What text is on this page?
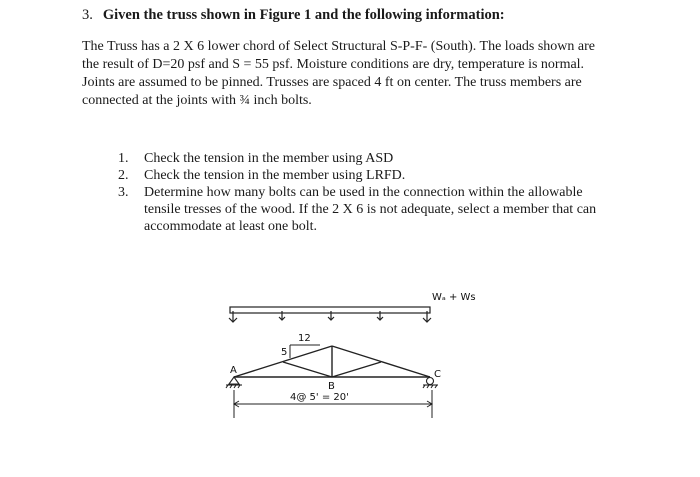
3. Given the truss shown in Figure 1 and the following information:
The Truss has a 2 X 6 lower chord of Select Structural S-P-F- (South). The loads shown are
the result of D=20 psf and S = 55 psf. Moisture conditions are dry, temperature is normal.
Joints are assumed to be pinned. Trusses are spaced 4 ft on center. The truss members are
connected at the joints with ¾ inch bolts.
1.	Check the tension in the member using ASD
2.	Check the tension in the member using LRFD.
3.	Determine how many bolts can be used in the connection within the allowable
tensile tresses of the wood. If the 2 X 6 is not adequate, select a member that can
accommodate at least one bolt.
Wₐ + Ws
12
5
A
B
C
4@ 5' = 20'
